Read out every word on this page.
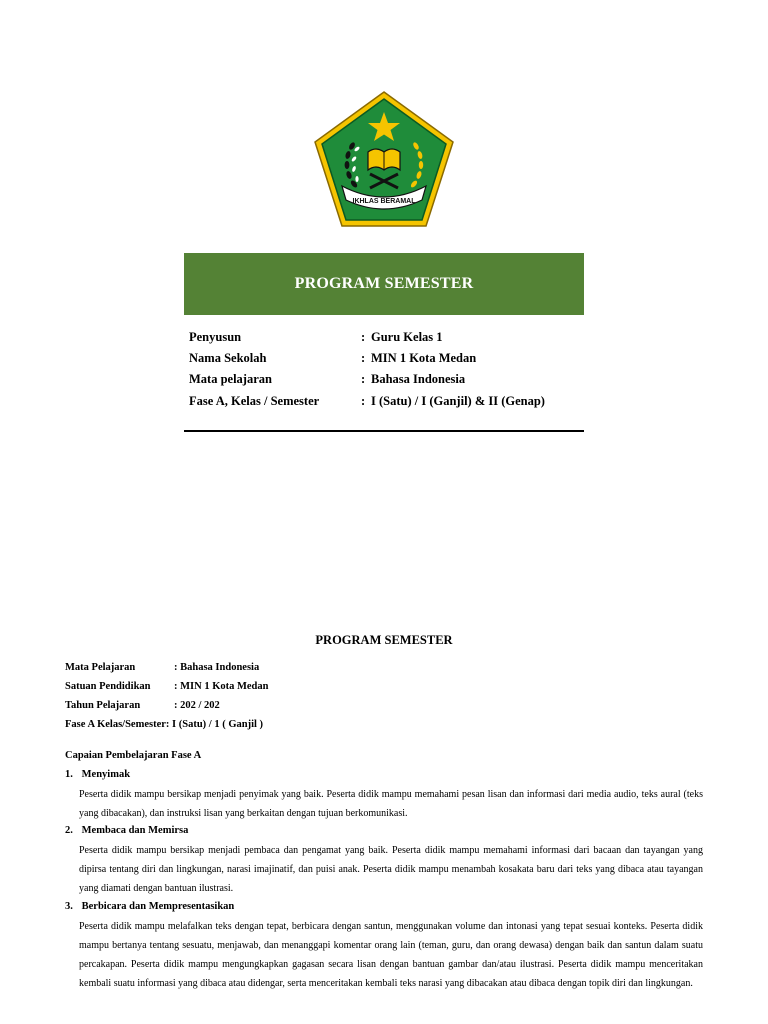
IKHLAS BERAMAL
PROGRAM SEMESTER
Penyusun	: Guru Kelas 1
Nama Sekolah	: MIN 1 Kota Medan
Mata pelajaran	: Bahasa Indonesia
Fase A, Kelas / Semester	: I (Satu) / I (Ganjil) & II (Genap)
PROGRAM SEMESTER
Mata Pelajaran	: Bahasa Indonesia
Satuan Pendidikan : MIN 1 Kota Medan
Tahun Pelajaran	: 202 / 202
Fase A Kelas/Semester: I (Satu) / 1 ( Ganjil )
Capaian Pembelajaran Fase A
1. Menyimak
Peserta didik mampu bersikap menjadi penyimak yang baik. Peserta didik mampu memahami pesan lisan dan informasi dari media audio, teks aural (teks yang dibacakan), dan instruksi lisan yang berkaitan dengan tujuan berkomunikasi.
2. Membaca dan Memirsa
Peserta didik mampu bersikap menjadi pembaca dan pengamat yang baik. Peserta didik mampu memahami informasi dari bacaan dan tayangan yang dipirsa tentang diri dan lingkungan, narasi imajinatif, dan puisi anak. Peserta didik mampu menambah kosakata baru dari teks yang dibaca atau tayangan yang diamati dengan bantuan ilustrasi.
3. Berbicara dan Mempresentasikan
Peserta didik mampu melafalkan teks dengan tepat, berbicara dengan santun, menggunakan volume dan intonasi yang tepat sesuai konteks. Peserta didik mampu bertanya tentang sesuatu, menjawab, dan menanggapi komentar orang lain (teman, guru, dan orang dewasa) dengan baik dan santun dalam suatu percakapan. Peserta didik mampu mengungkapkan gagasan secara lisan dengan bantuan gambar dan/atau ilustrasi. Peserta didik mampu menceritakan kembali suatu informasi yang dibaca atau didengar, serta menceritakan kembali teks narasi yang dibacakan atau dibaca dengan topik diri dan lingkungan.
